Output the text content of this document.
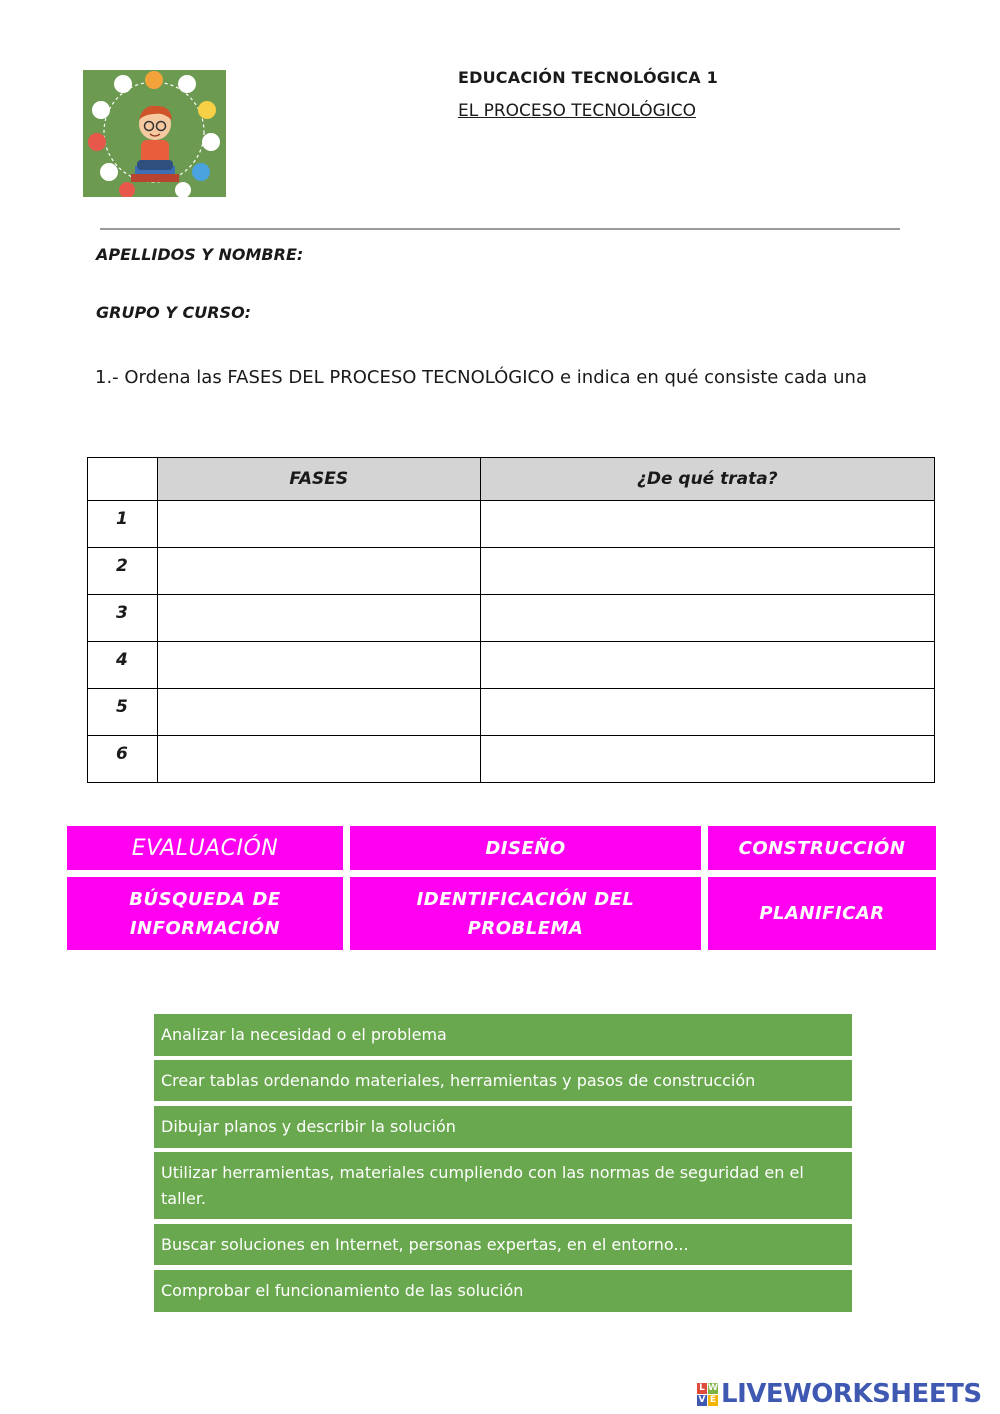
EDUCACIÓN TECNOLÓGICA 1
EL PROCESO TECNOLÓGICO
APELLIDOS Y NOMBRE:
GRUPO Y CURSO:
1.- Ordena las FASES DEL PROCESO TECNOLÓGICO e indica en qué consiste cada una
	FASES	¿De qué trata?
1		
2		
3		
4		
5		
6		
EVALUACIÓN	DISEÑO	CONSTRUCCIÓN
BÚSQUEDA DE INFORMACIÓN
IDENTIFICACIÓN DEL PROBLEMA
PLANIFICAR
Analizar la necesidad o el problema
Crear tablas ordenando materiales, herramientas y pasos de construcción
Dibujar planos y describir la solución
Utilizar herramientas, materiales cumpliendo con las normas de seguridad en el taller.
Buscar soluciones en Internet, personas expertas, en el entorno...
Comprobar el funcionamiento de las solución
L W
V E LIVEWORKSHEETS
